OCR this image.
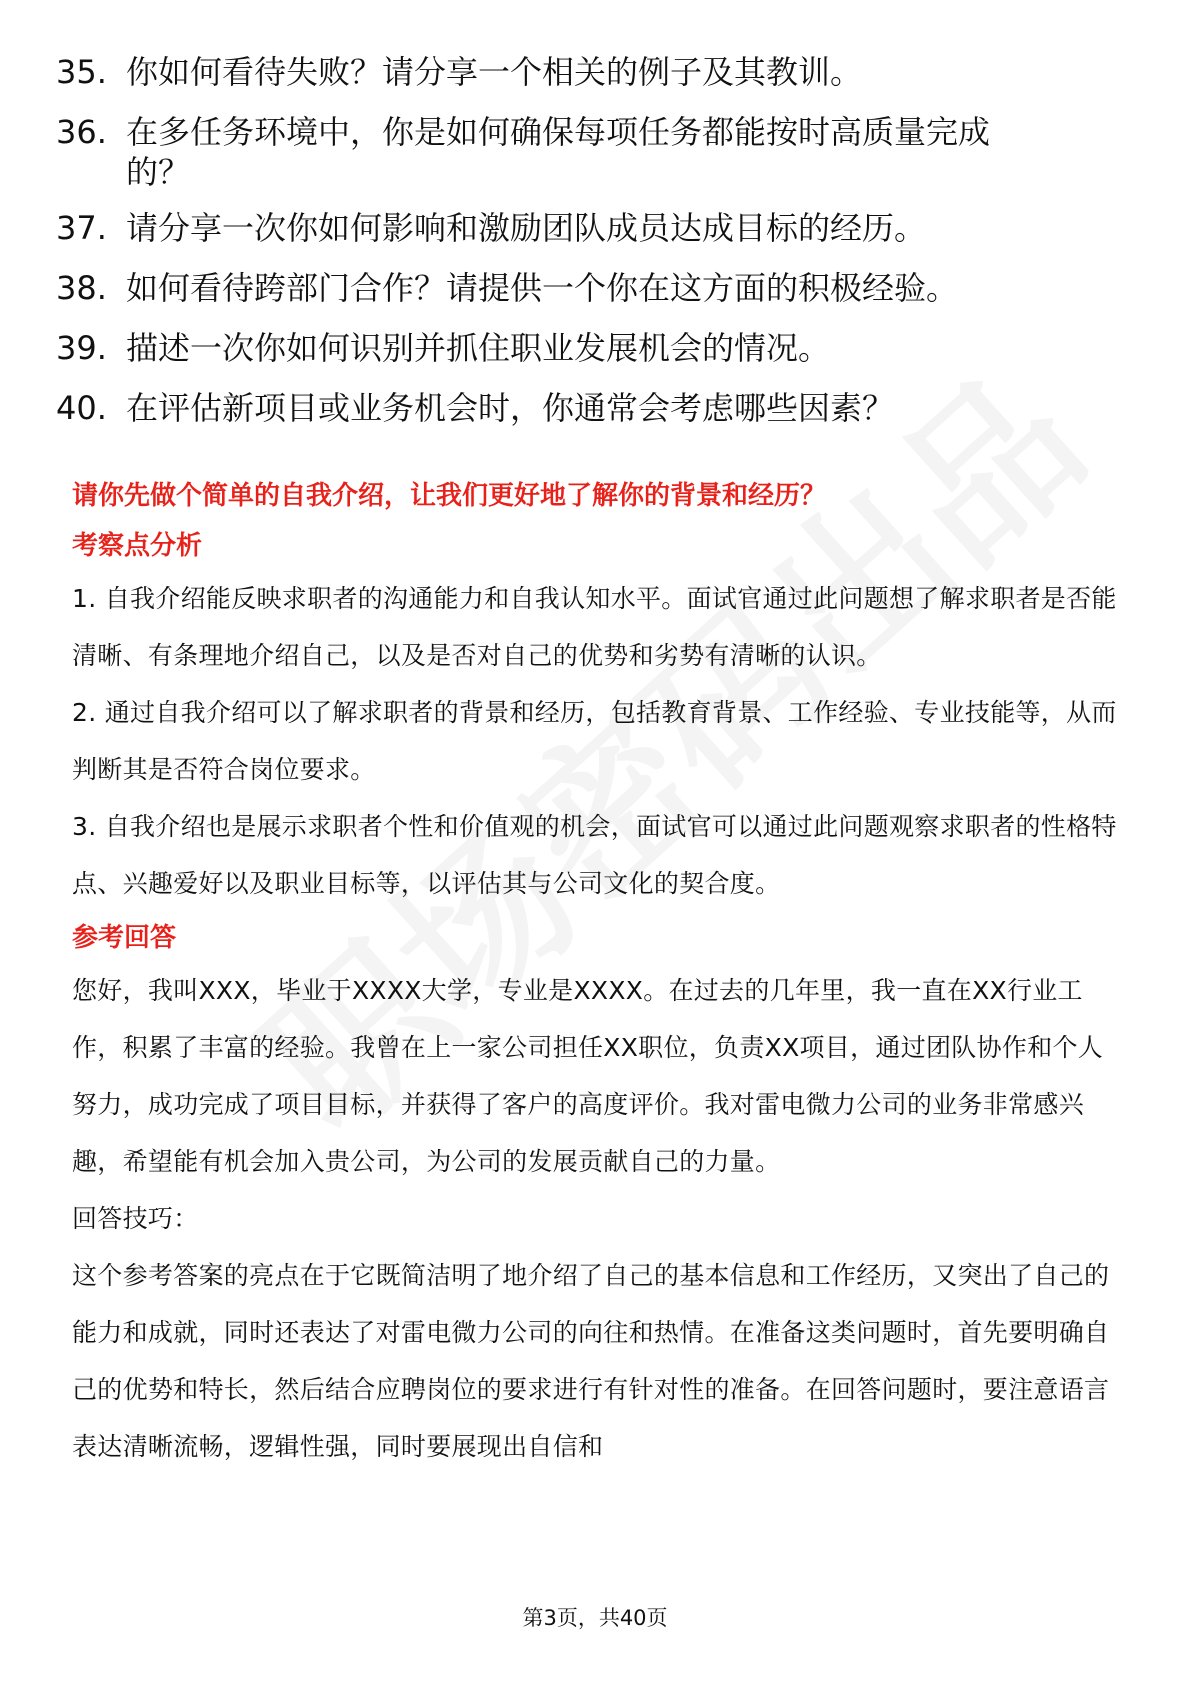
35. 你如何看待失败？请分享一个相关的例子及其教训。
36. 在多任务环境中，你是如何确保每项任务都能按时高质量完成的？
37. 请分享一次你如何影响和激励团队成员达成目标的经历。
38. 如何看待跨部门合作？请提供一个你在这方面的积极经验。
39. 描述一次你如何识别并抓住职业发展机会的情况。
40. 在评估新项目或业务机会时，你通常会考虑哪些因素？

请你先做个简单的自我介绍，让我们更好地了解你的背景和经历？

考察点分析

1. 自我介绍能反映求职者的沟通能力和自我认知水平。面试官通过此问题想了解求职者是否能清晰、有条理地介绍自己，以及是否对自己的优势和劣势有清晰的认识。

2. 通过自我介绍可以了解求职者的背景和经历，包括教育背景、工作经验、专业技能等，从而判断其是否符合岗位要求。

3. 自我介绍也是展示求职者个性和价值观的机会，面试官可以通过此问题观察求职者的性格特点、兴趣爱好以及职业目标等，以评估其与公司文化的契合度。

参考回答

您好，我叫XXX，毕业于XXXX大学，专业是XXXX。在过去的几年里，我一直在XX行业工作，积累了丰富的经验。我曾在上一家公司担任XX职位，负责XX项目，通过团队协作和个人努力，成功完成了项目目标，并获得了客户的高度评价。我对雷电微力公司的业务非常感兴趣，希望能有机会加入贵公司，为公司的发展贡献自己的力量。

回答技巧：

这个参考答案的亮点在于它既简洁明了地介绍了自己的基本信息和工作经历，又突出了自己的能力和成就，同时还表达了对雷电微力公司的向往和热情。在准备这类问题时，首先要明确自己的优势和特长，然后结合应聘岗位的要求进行有针对性的准备。在回答问题时，要注意语言表达清晰流畅，逻辑性强，同时要展现出自信和

第3页，共40页
